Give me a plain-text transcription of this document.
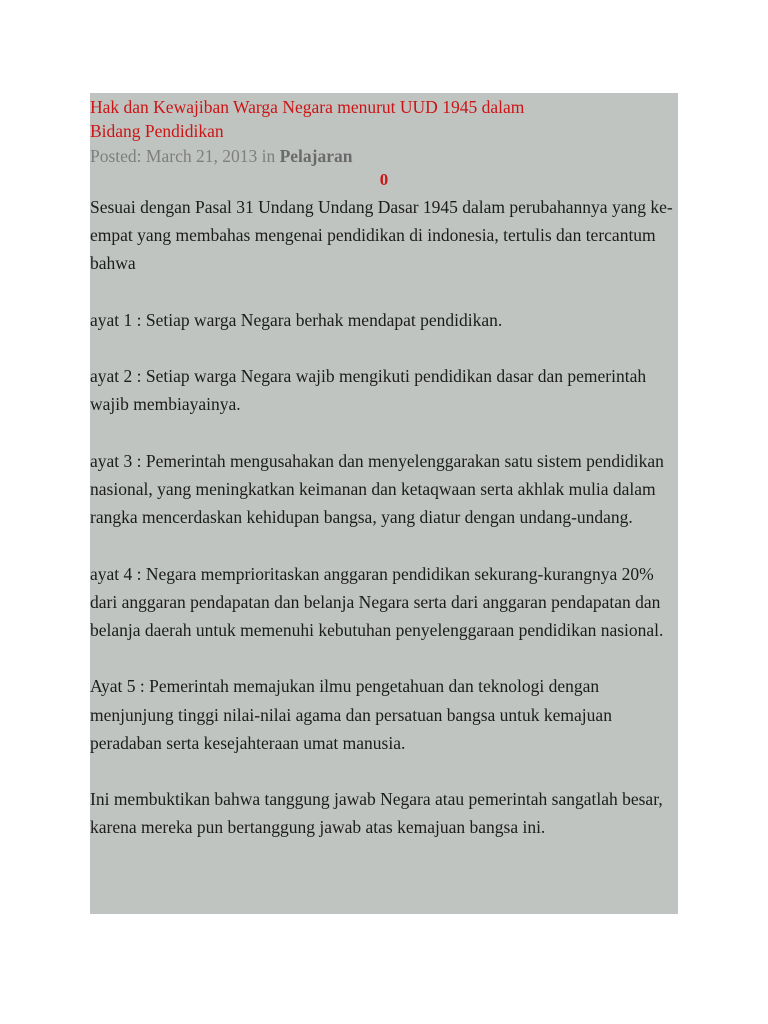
Hak dan Kewajiban Warga Negara menurut UUD 1945 dalam
Bidang Pendidikan

Posted: March 21, 2013 in Pelajaran

0

Sesuai dengan Pasal 31 Undang Undang Dasar 1945 dalam perubahannya yang ke-empat yang membahas mengenai pendidikan di indonesia, tertulis dan tercantum bahwa

ayat 1 : Setiap warga Negara berhak mendapat pendidikan.

ayat 2 : Setiap warga Negara wajib mengikuti pendidikan dasar dan pemerintah wajib membiayainya.

ayat 3 : Pemerintah mengusahakan dan menyelenggarakan satu sistem pendidikan nasional, yang meningkatkan keimanan dan ketaqwaan serta akhlak mulia dalam rangka mencerdaskan kehidupan bangsa, yang diatur dengan undang-undang.

ayat 4 : Negara memprioritaskan anggaran pendidikan sekurang-kurangnya 20% dari anggaran pendapatan dan belanja Negara serta dari anggaran pendapatan dan belanja daerah untuk memenuhi kebutuhan penyelenggaraan pendidikan nasional.

Ayat 5 : Pemerintah memajukan ilmu pengetahuan dan teknologi dengan menjunjung tinggi nilai-nilai agama dan persatuan bangsa untuk kemajuan peradaban serta kesejahteraan umat manusia.

Ini membuktikan bahwa tanggung jawab Negara atau pemerintah sangatlah besar, karena mereka pun bertanggung jawab atas kemajuan bangsa ini.
